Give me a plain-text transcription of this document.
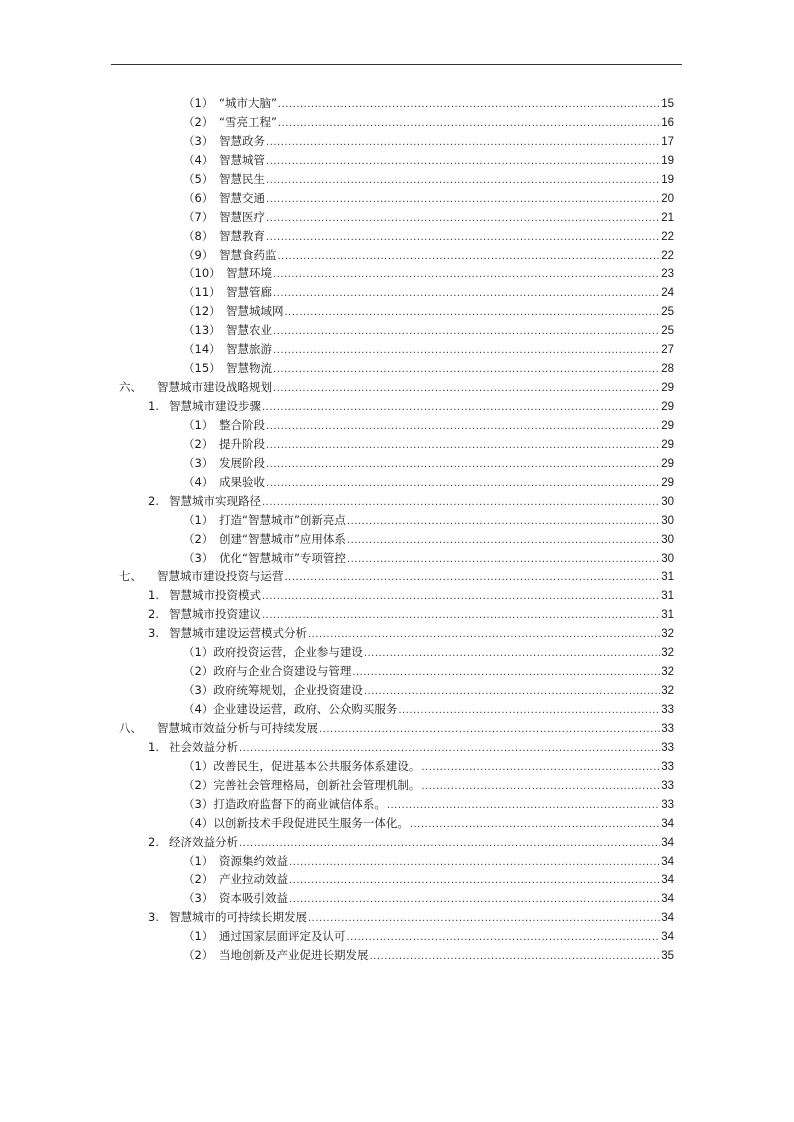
（1） “城市大脑” .....	15
（2） “雪亮工程” .....	16
（3） 智慧政务 .....	17
（4） 智慧城管 .....	19
（5） 智慧民生 .....	19
（6） 智慧交通 .....	20
（7） 智慧医疗 .....	21
（8） 智慧教育 .....	22
（9） 智慧食药监 .....	22
（10） 智慧环境 .....	23
（11） 智慧管廊 .....	24
（12） 智慧城域网 .....	25
（13） 智慧农业 .....	25
（14） 智慧旅游 .....	27
（15） 智慧物流 .....	28
六、	智慧城市建设战略规划 .....	29
1. 智慧城市建设步骤 .....	29
（1） 整合阶段 .....	29
（2） 提升阶段 .....	29
（3） 发展阶段 .....	29
（4） 成果验收 .....	29
2. 智慧城市实现路径 .....	30
（1） 打造“智慧城市”创新亮点 .....	30
（2） 创建“智慧城市”应用体系 .....	30
（3） 优化“智慧城市”专项管控 .....	30
七、	智慧城市建设投资与运营 .....	31
1. 智慧城市投资模式 .....	31
2. 智慧城市投资建议 .....	31
3. 智慧城市建设运营模式分析 .....	32
（1）政府投资运营，企业参与建设 .....	32
（2）政府与企业合资建设与管理 .....	32
（3）政府统筹规划，企业投资建设 .....	32
（4）企业建设运营，政府、公众购买服务 .....	33
八、	智慧城市效益分析与可持续发展 .....	33
1. 社会效益分析 .....	33
（1）改善民生，促进基本公共服务体系建设。 .....	33
（2）完善社会管理格局，创新社会管理机制。 .....	33
（3）打造政府监督下的商业诚信体系。 .....	33
（4）以创新技术手段促进民生服务一体化。 .....	34
2. 经济效益分析 .....	34
（1） 资源集约效益 .....	34
（2） 产业拉动效益 .....	34
（3） 资本吸引效益 .....	34
3. 智慧城市的可持续长期发展 .....	34
（1） 通过国家层面评定及认可 .....	34
（2） 当地创新及产业促进长期发展 .....	35
